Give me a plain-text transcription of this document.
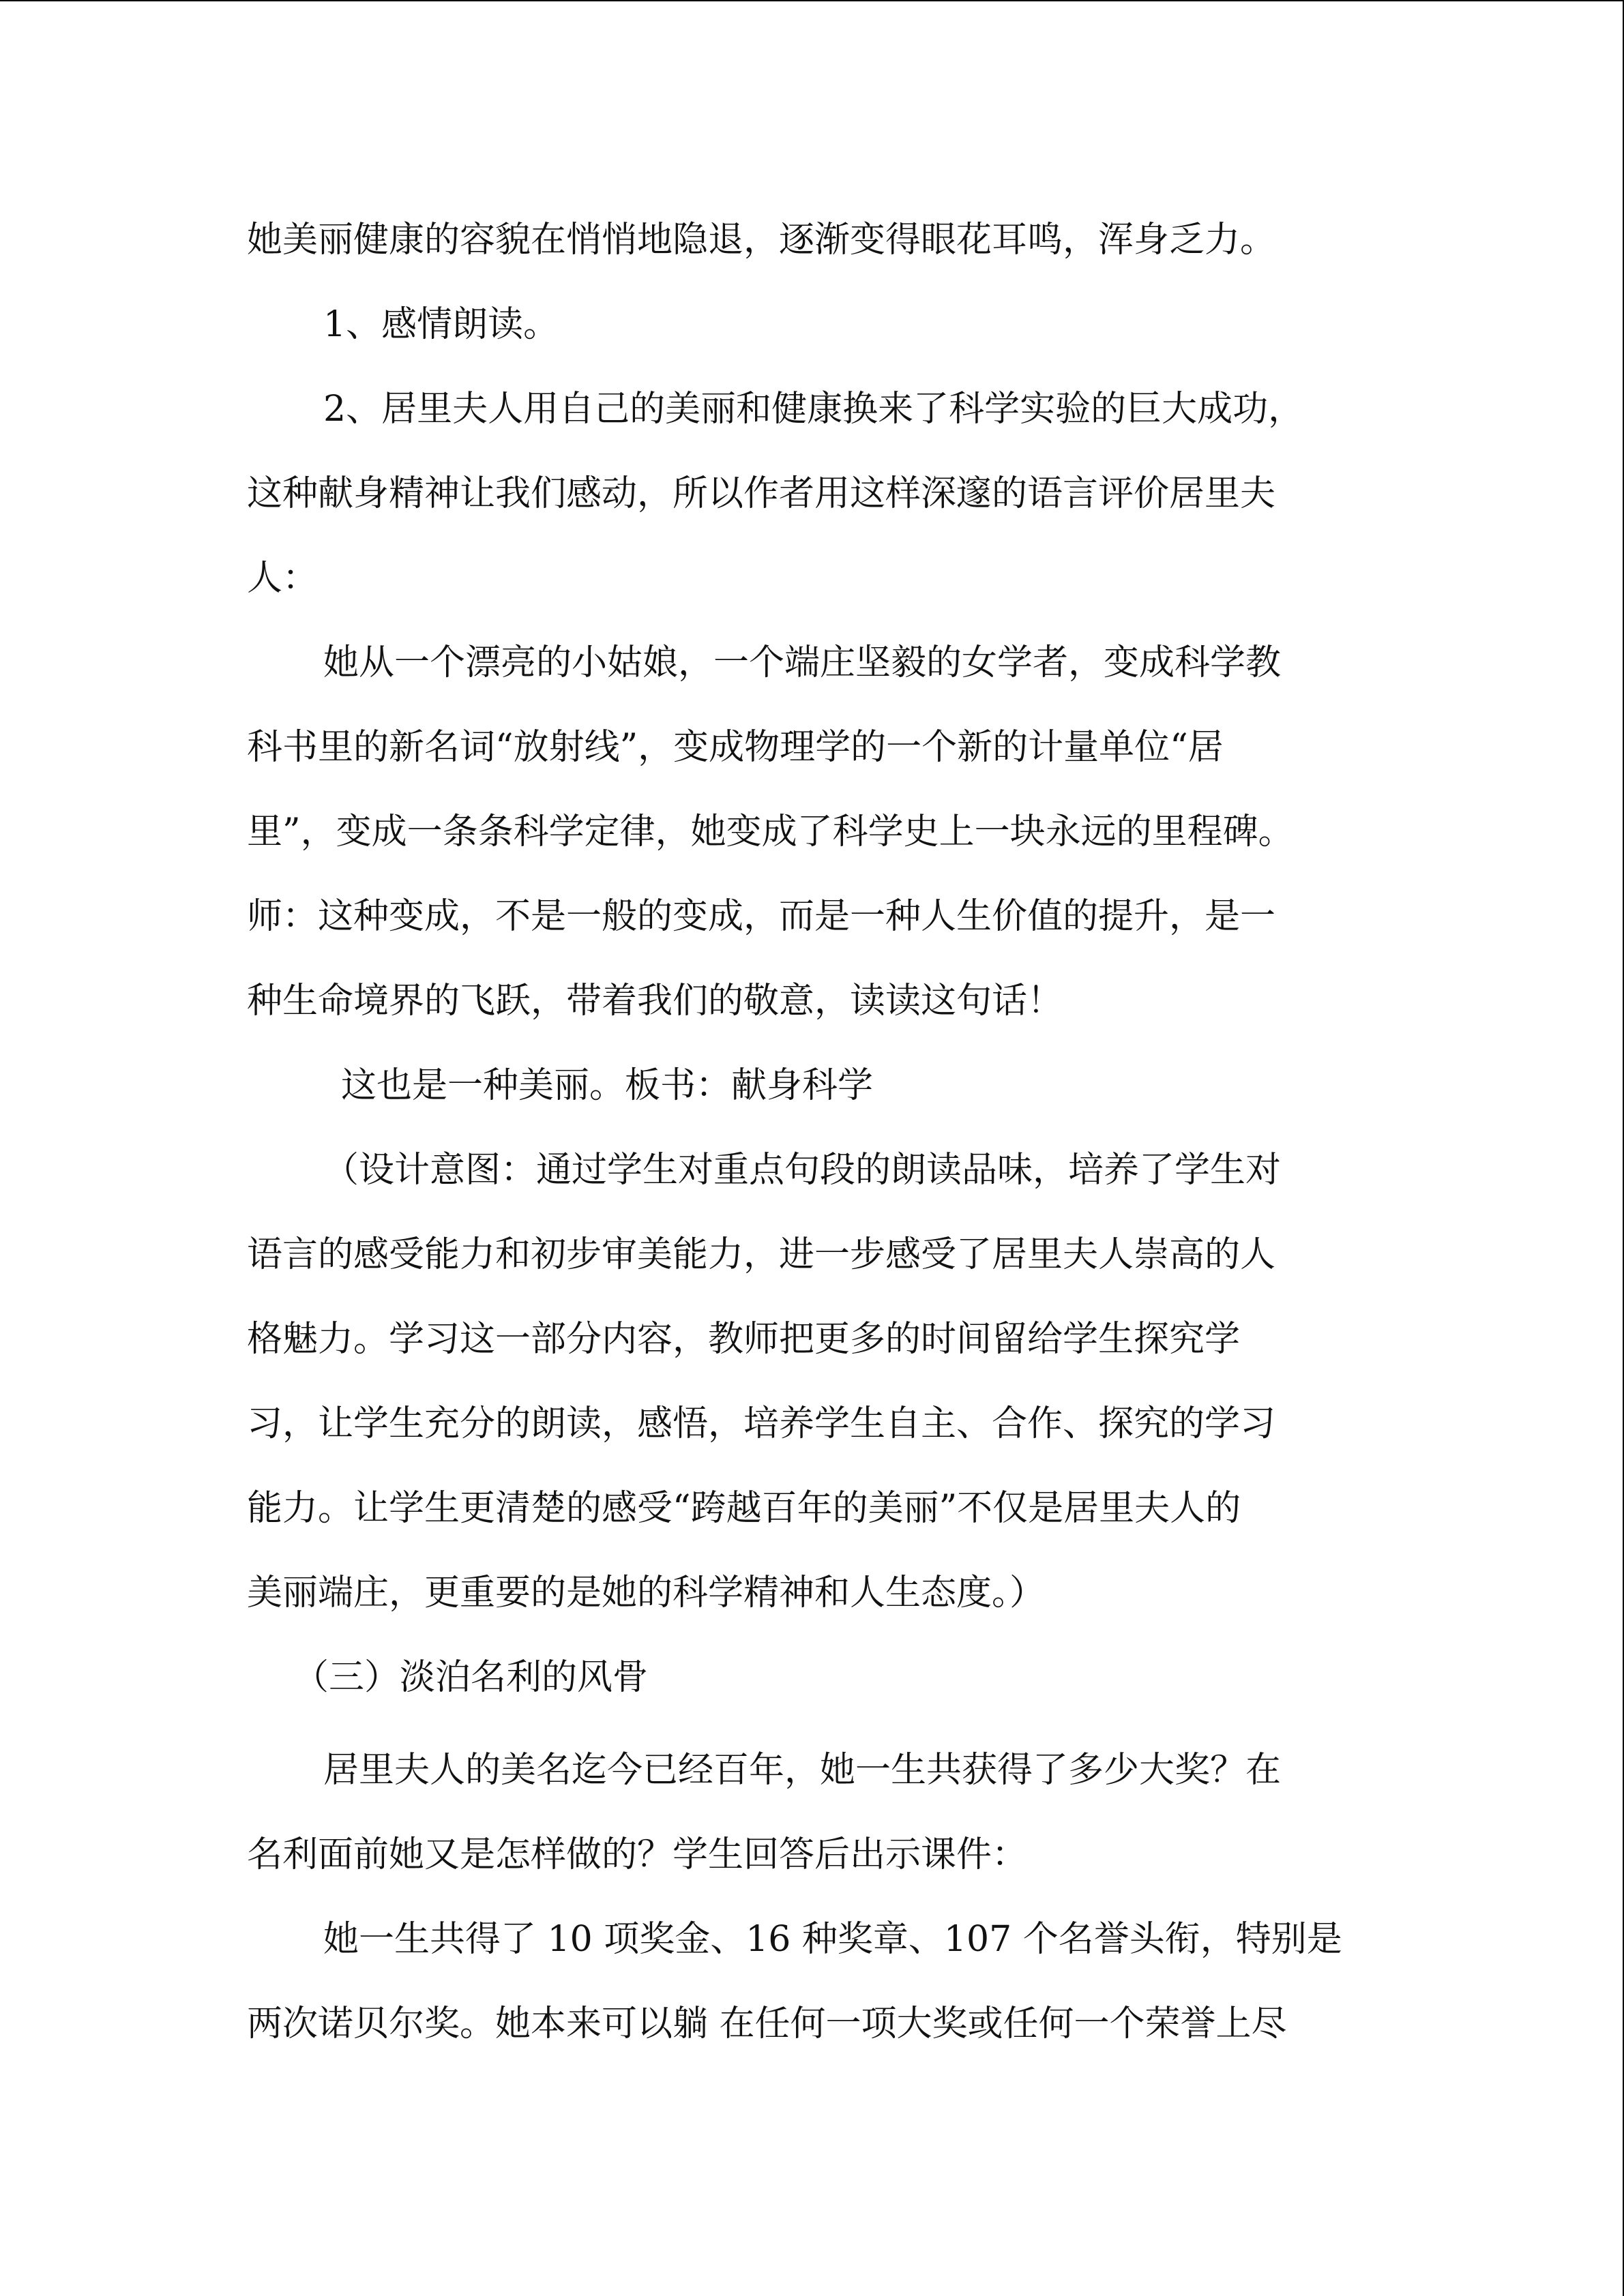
她美丽健康的容貌在悄悄地隐退，逐渐变得眼花耳鸣，浑身乏力。
1、感情朗读。
2、居里夫人用自己的美丽和健康换来了科学实验的巨大成功，
这种献身精神让我们感动，所以作者用这样深邃的语言评价居里夫
人：
她从一个漂亮的小姑娘，一个端庄坚毅的女学者，变成科学教
科书里的新名词“放射线”，变成物理学的一个新的计量单位“居
里”，变成一条条科学定律，她变成了科学史上一块永远的里程碑。
师：这种变成，不是一般的变成，而是一种人生价值的提升，是一
种生命境界的飞跃，带着我们的敬意，读读这句话！
这也是一种美丽。板书：献身科学
（设计意图：通过学生对重点句段的朗读品味，培养了学生对
语言的感受能力和初步审美能力，进一步感受了居里夫人崇高的人
格魅力。学习这一部分内容，教师把更多的时间留给学生探究学
习，让学生充分的朗读，感悟，培养学生自主、合作、探究的学习
能力。让学生更清楚的感受“跨越百年的美丽”不仅是居里夫人的
美丽端庄，更重要的是她的科学精神和人生态度。）
（三）淡泊名利的风骨
居里夫人的美名迄今已经百年，她一生共获得了多少大奖？在
名利面前她又是怎样做的？学生回答后出示课件：
她一生共得了 10 项奖金、16 种奖章、107 个名誉头衔，特别是
两次诺贝尔奖。她本来可以躺 在任何一项大奖或任何一个荣誉上尽
